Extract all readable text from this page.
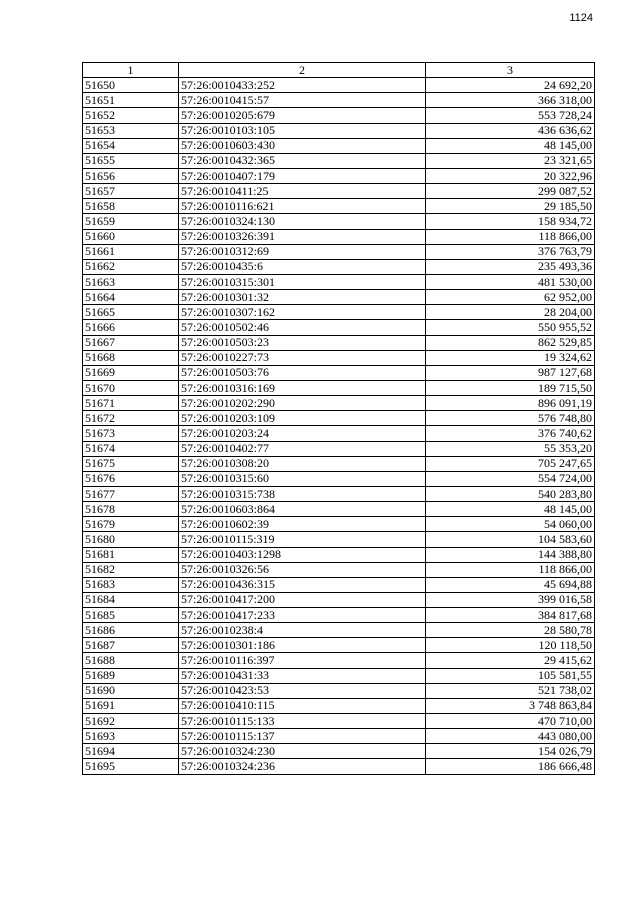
1124
1	2	3
51650	57:26:0010433:252	24 692,20
51651	57:26:0010415:57	366 318,00
51652	57:26:0010205:679	553 728,24
51653	57:26:0010103:105	436 636,62
51654	57:26:0010603:430	48 145,00
51655	57:26:0010432:365	23 321,65
51656	57:26:0010407:179	20 322,96
51657	57:26:0010411:25	299 087,52
51658	57:26:0010116:621	29 185,50
51659	57:26:0010324:130	158 934,72
51660	57:26:0010326:391	118 866,00
51661	57:26:0010312:69	376 763,79
51662	57:26:0010435:6	235 493,36
51663	57:26:0010315:301	481 530,00
51664	57:26:0010301:32	62 952,00
51665	57:26:0010307:162	28 204,00
51666	57:26:0010502:46	550 955,52
51667	57:26:0010503:23	862 529,85
51668	57:26:0010227:73	19 324,62
51669	57:26:0010503:76	987 127,68
51670	57:26:0010316:169	189 715,50
51671	57:26:0010202:290	896 091,19
51672	57:26:0010203:109	576 748,80
51673	57:26:0010203:24	376 740,62
51674	57:26:0010402:77	55 353,20
51675	57:26:0010308:20	705 247,65
51676	57:26:0010315:60	554 724,00
51677	57:26:0010315:738	540 283,80
51678	57:26:0010603:864	48 145,00
51679	57:26:0010602:39	54 060,00
51680	57:26:0010115:319	104 583,60
51681	57:26:0010403:1298	144 388,80
51682	57:26:0010326:56	118 866,00
51683	57:26:0010436:315	45 694,88
51684	57:26:0010417:200	399 016,58
51685	57:26:0010417:233	384 817,68
51686	57:26:0010238:4	28 580,78
51687	57:26:0010301:186	120 118,50
51688	57:26:0010116:397	29 415,62
51689	57:26:0010431:33	105 581,55
51690	57:26:0010423:53	521 738,02
51691	57:26:0010410:115	3 748 863,84
51692	57:26:0010115:133	470 710,00
51693	57:26:0010115:137	443 080,00
51694	57:26:0010324:230	154 026,79
51695	57:26:0010324:236	186 666,48
